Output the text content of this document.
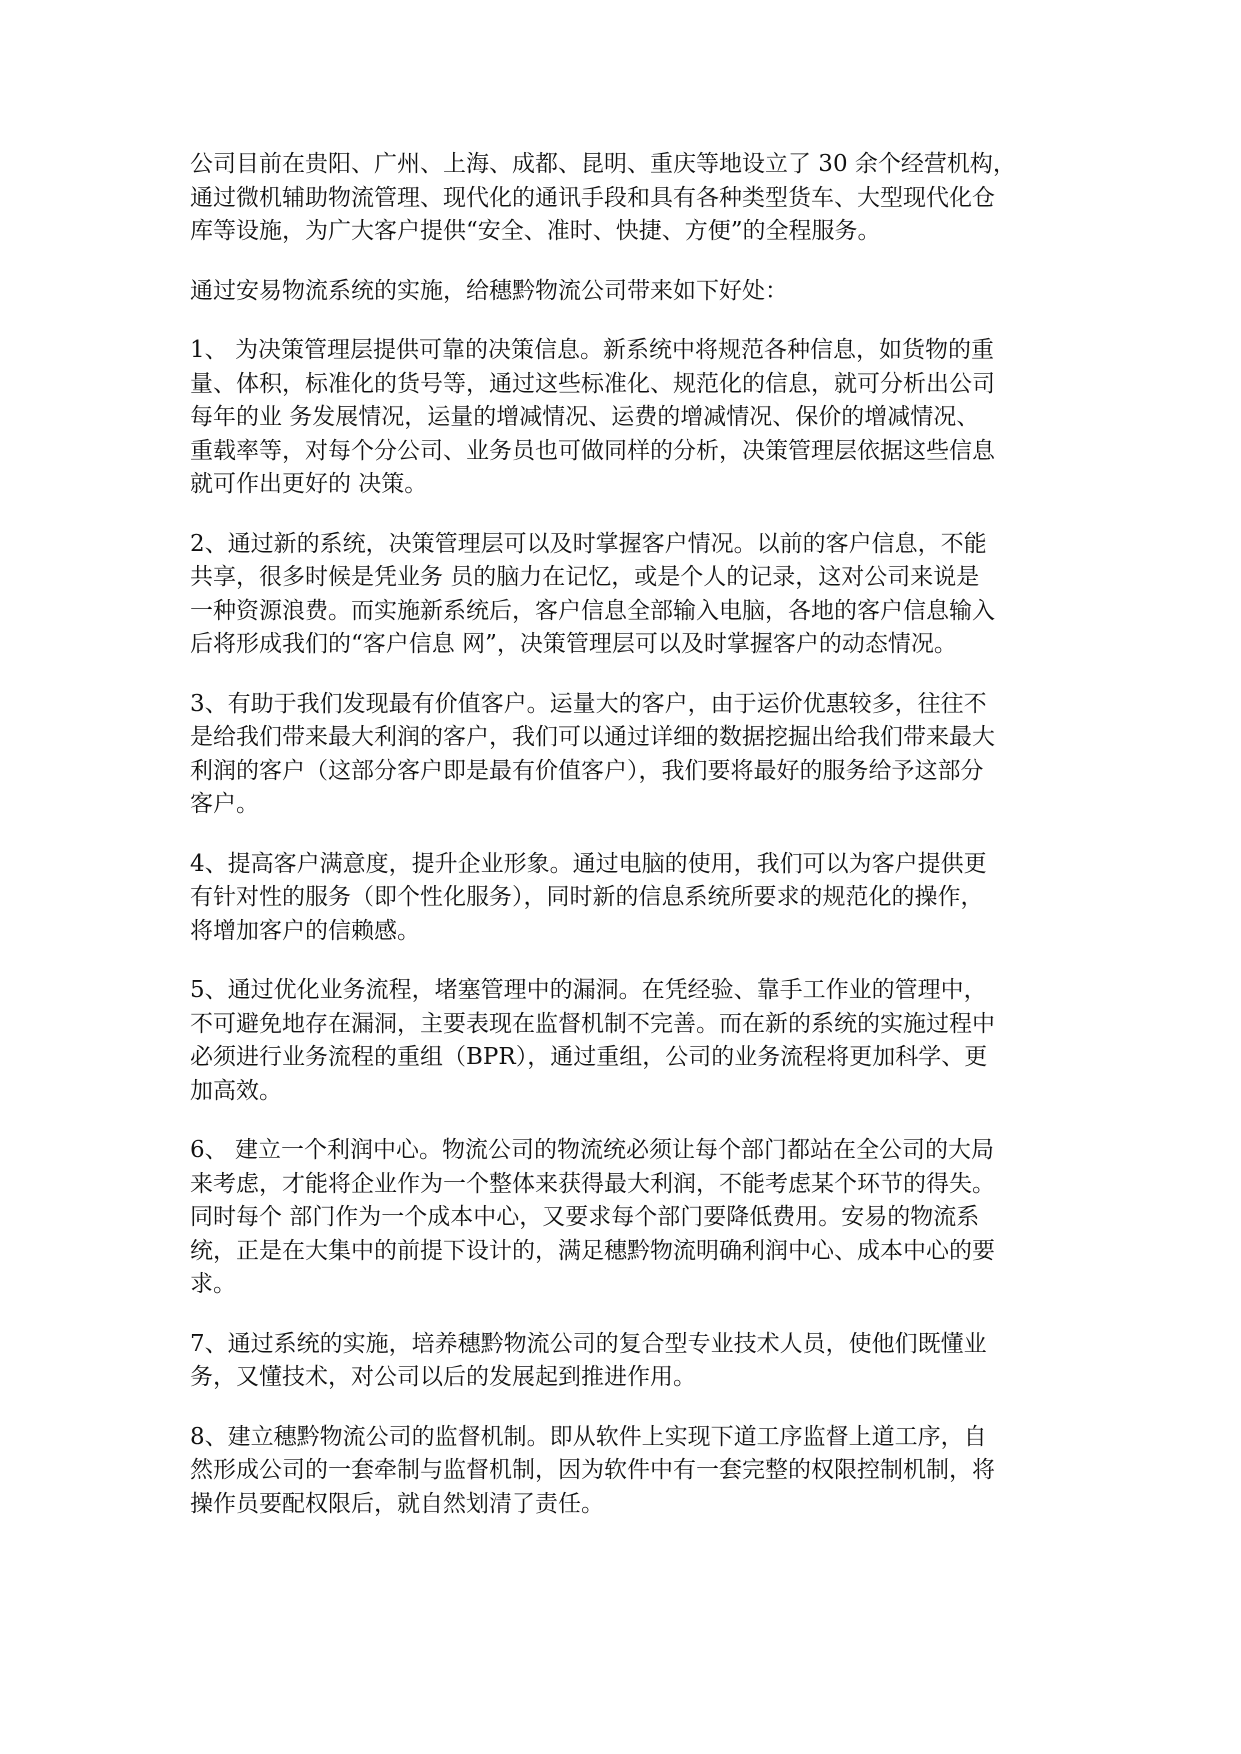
公司目前在贵阳、广州、上海、成都、昆明、重庆等地设立了 30 余个经营机构，
通过微机辅助物流管理、现代化的通讯手段和具有各种类型货车、大型现代化仓
库等设施，为广大客户提供“安全、准时、快捷、方便”的全程服务。
通过安易物流系统的实施，给穗黔物流公司带来如下好处：
1、 为决策管理层提供可靠的决策信息。新系统中将规范各种信息，如货物的重
量、体积，标准化的货号等，通过这些标准化、规范化的信息，就可分析出公司
每年的业 务发展情况，运量的增减情况、运费的增减情况、保价的增减情况、
重载率等，对每个分公司、业务员也可做同样的分析，决策管理层依据这些信息
就可作出更好的 决策。
2、通过新的系统，决策管理层可以及时掌握客户情况。以前的客户信息，不能
共享，很多时候是凭业务 员的脑力在记忆，或是个人的记录，这对公司来说是
一种资源浪费。而实施新系统后，客户信息全部输入电脑，各地的客户信息输入
后将形成我们的“客户信息 网”，决策管理层可以及时掌握客户的动态情况。
3、有助于我们发现最有价值客户。运量大的客户，由于运价优惠较多，往往不
是给我们带来最大利润的客户，我们可以通过详细的数据挖掘出给我们带来最大
利润的客户（这部分客户即是最有价值客户），我们要将最好的服务给予这部分
客户。
4、提高客户满意度，提升企业形象。通过电脑的使用，我们可以为客户提供更
有针对性的服务（即个性化服务），同时新的信息系统所要求的规范化的操作，
将增加客户的信赖感。
5、通过优化业务流程，堵塞管理中的漏洞。在凭经验、靠手工作业的管理中，
不可避免地存在漏洞，主要表现在监督机制不完善。而在新的系统的实施过程中
必须进行业务流程的重组（BPR），通过重组，公司的业务流程将更加科学、更
加高效。
6、 建立一个利润中心。物流公司的物流统必须让每个部门都站在全公司的大局
来考虑，才能将企业作为一个整体来获得最大利润，不能考虑某个环节的得失。
同时每个 部门作为一个成本中心，又要求每个部门要降低费用。安易的物流系
统，正是在大集中的前提下设计的，满足穗黔物流明确利润中心、成本中心的要
求。
7、通过系统的实施，培养穗黔物流公司的复合型专业技术人员，使他们既懂业
务，又懂技术，对公司以后的发展起到推进作用。
8、建立穗黔物流公司的监督机制。即从软件上实现下道工序监督上道工序，自
然形成公司的一套牵制与监督机制，因为软件中有一套完整的权限控制机制，将
操作员要配权限后，就自然划清了责任。
